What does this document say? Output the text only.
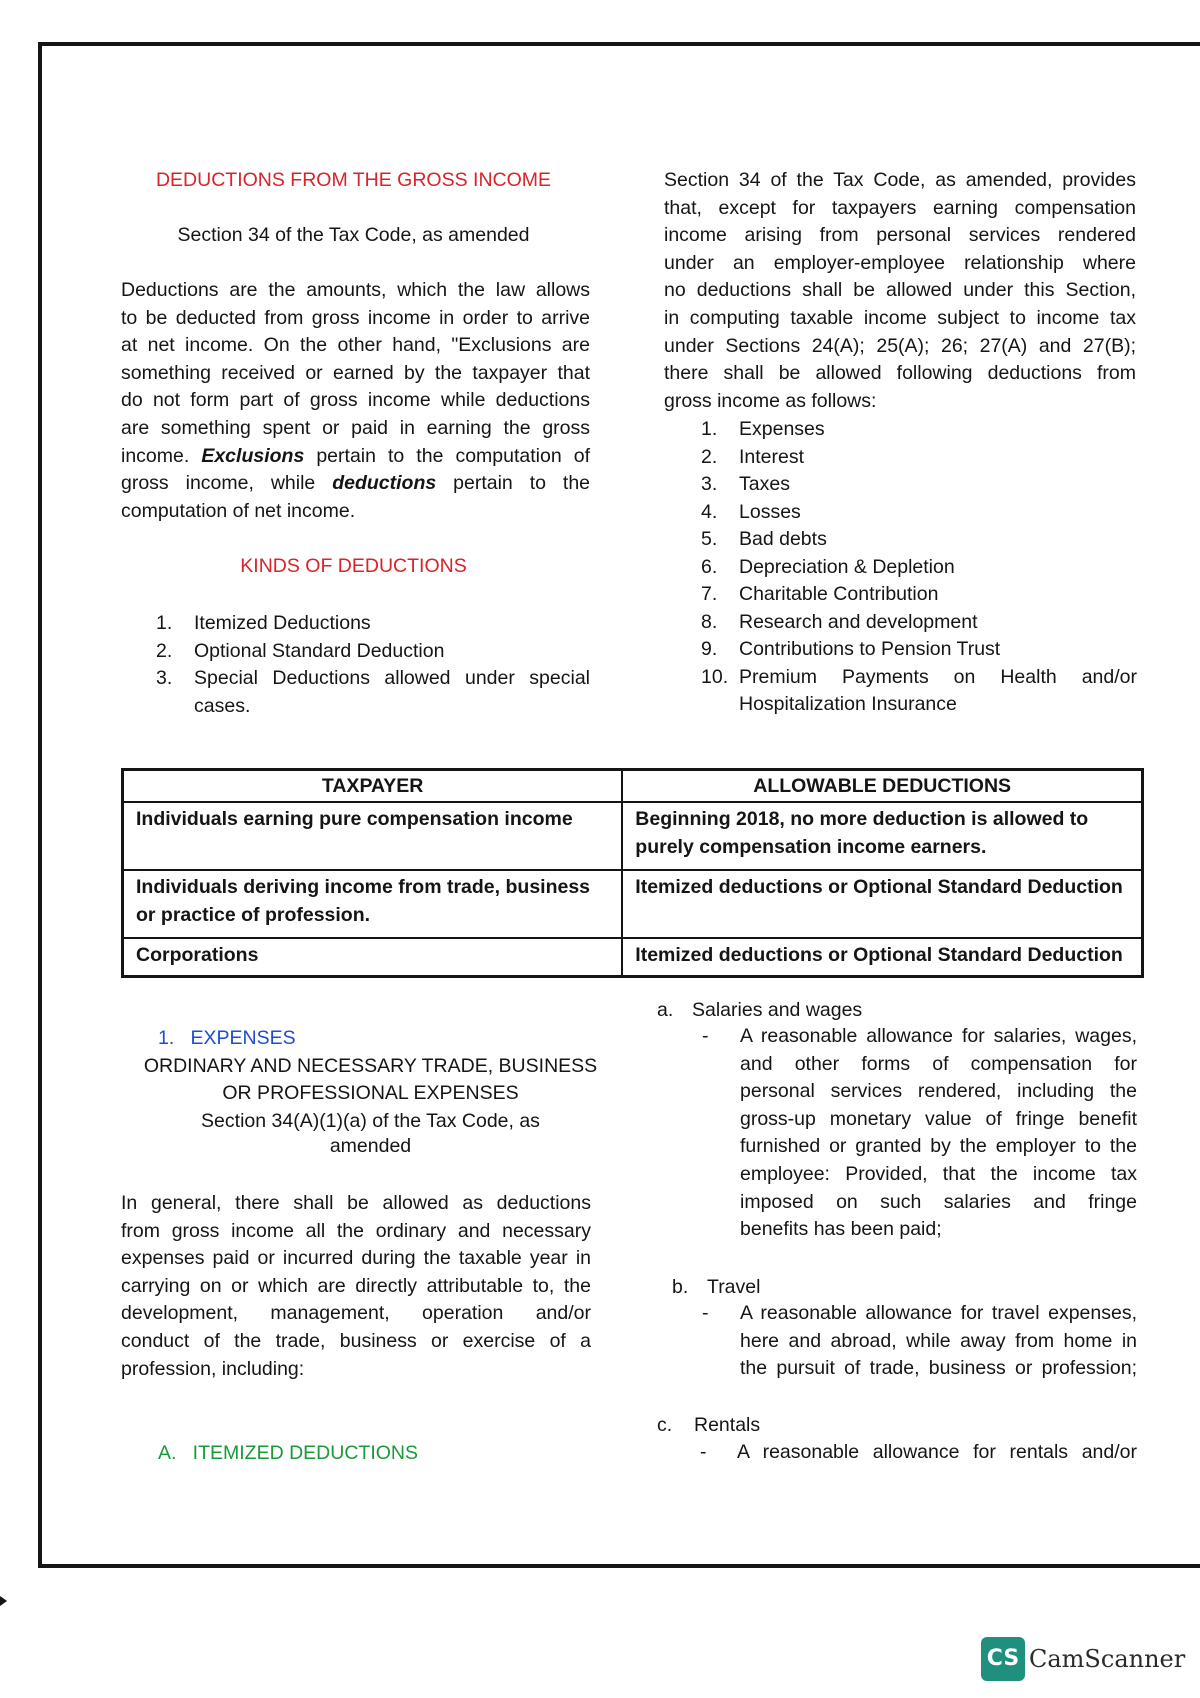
DEDUCTIONS FROM THE GROSS INCOME
Section 34 of the Tax Code, as amended
Deductions are the amounts, which the law allows
to be deducted from gross income in order to arrive
at net income. On the other hand, "Exclusions are
something received or earned by the taxpayer that
do not form part of gross income while deductions
are something spent or paid in earning the gross
income. Exclusions pertain to the computation of
gross income, while deductions pertain to the
computation of net income.
KINDS OF DEDUCTIONS
1. Itemized Deductions
2. Optional Standard Deduction
3. Special Deductions allowed under special
cases.
Section 34 of the Tax Code, as amended, provides
that, except for taxpayers earning compensation
income arising from personal services rendered
under an employer-employee relationship where
no deductions shall be allowed under this Section,
in computing taxable income subject to income tax
under Sections 24(A); 25(A); 26; 27(A) and 27(B);
there shall be allowed following deductions from
gross income as follows:
1. Expenses
2. Interest
3. Taxes
4. Losses
5. Bad debts
6. Depreciation & Depletion
7. Charitable Contribution
8. Research and development
9. Contributions to Pension Trust
10. Premium Payments on Health and/or
Hospitalization Insurance
TAXPAYER	ALLOWABLE DEDUCTIONS
Individuals earning pure compensation income	Beginning 2018, no more deduction is allowed to purely compensation income earners.
Individuals deriving income from trade, business or practice of profession.	Itemized deductions or Optional Standard Deduction
Corporations	Itemized deductions or Optional Standard Deduction
1.   EXPENSES
ORDINARY AND NECESSARY TRADE, BUSINESS
OR PROFESSIONAL EXPENSES
Section 34(A)(1)(a) of the Tax Code, as
amended
In general, there shall be allowed as deductions
from gross income all the ordinary and necessary
expenses paid or incurred during the taxable year in
carrying on or which are directly attributable to, the
development, management, operation and/or
conduct of the trade, business or exercise of a
profession, including:
A.   ITEMIZED DEDUCTIONS
a. Salaries and wages
- A reasonable allowance for salaries, wages,
and other forms of compensation for
personal services rendered, including the
gross-up monetary value of fringe benefit
furnished or granted by the employer to the
employee: Provided, that the income tax
imposed on such salaries and fringe
benefits has been paid;
b. Travel
- A reasonable allowance for travel expenses,
here and abroad, while away from home in
the pursuit of trade, business or profession;
c. Rentals
- A reasonable allowance for rentals and/or
CS CamScanner
